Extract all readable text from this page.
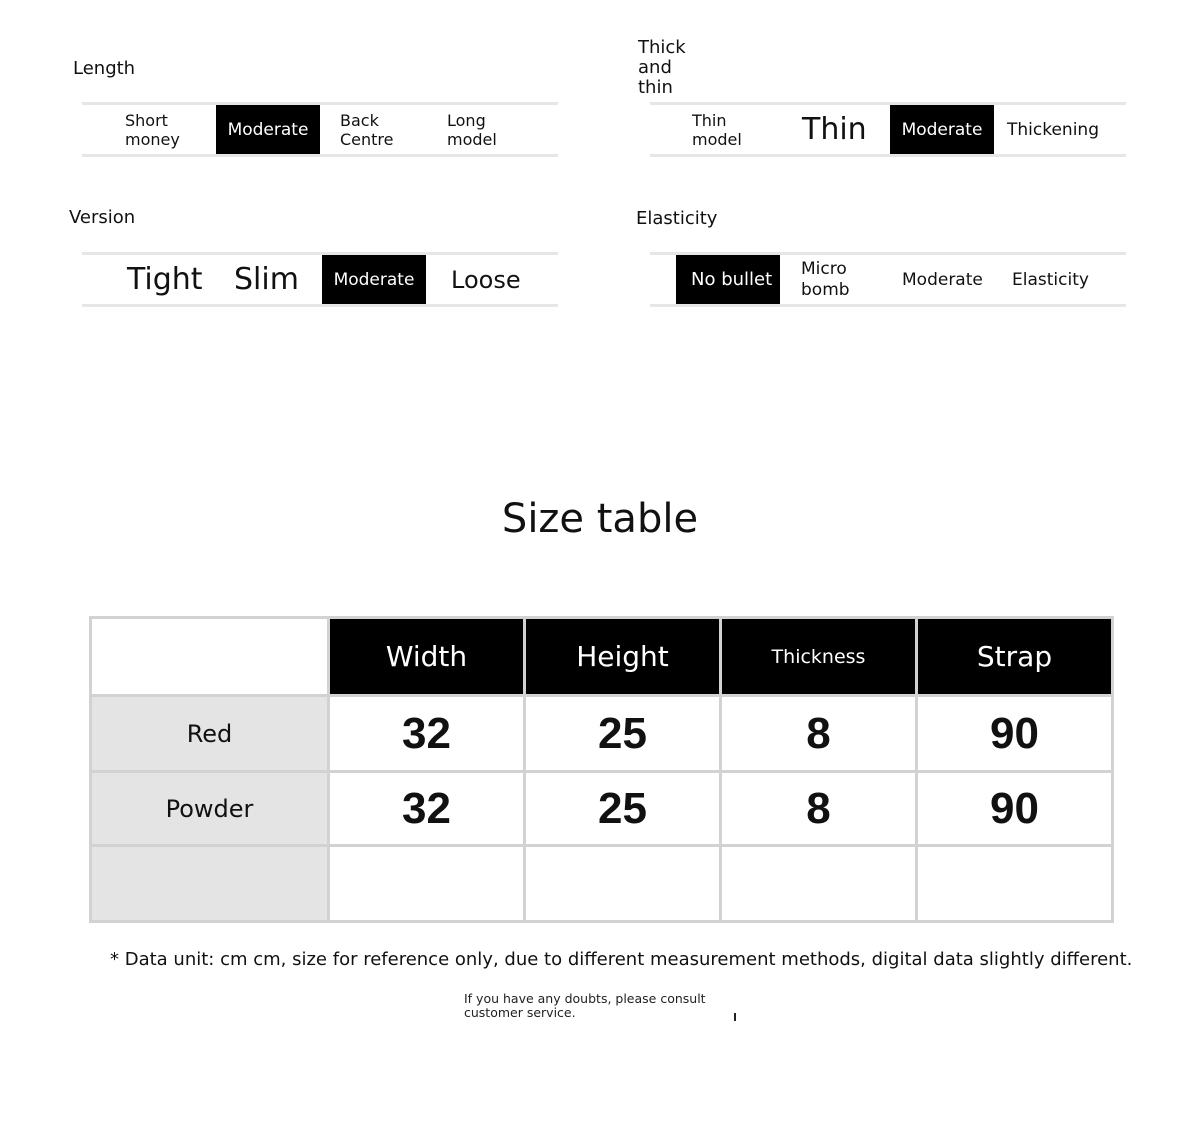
Length
Short money	Moderate	Back Centre
Long model
Thick and thin
Thin model	Thin	Moderate	Thickening
Version
Tight Slim	Moderate	Loose
Elasticity
No bullet
Micro bomb	Moderate Elasticity
Size table
	Width	Height	Thickness	Strap
Red	32	25	8	90
Powder	32	25	8	90

* Data unit: cm cm, size for reference only, due to different measurement methods, digital data slightly different.
If you have any doubts, please consult customer service.
